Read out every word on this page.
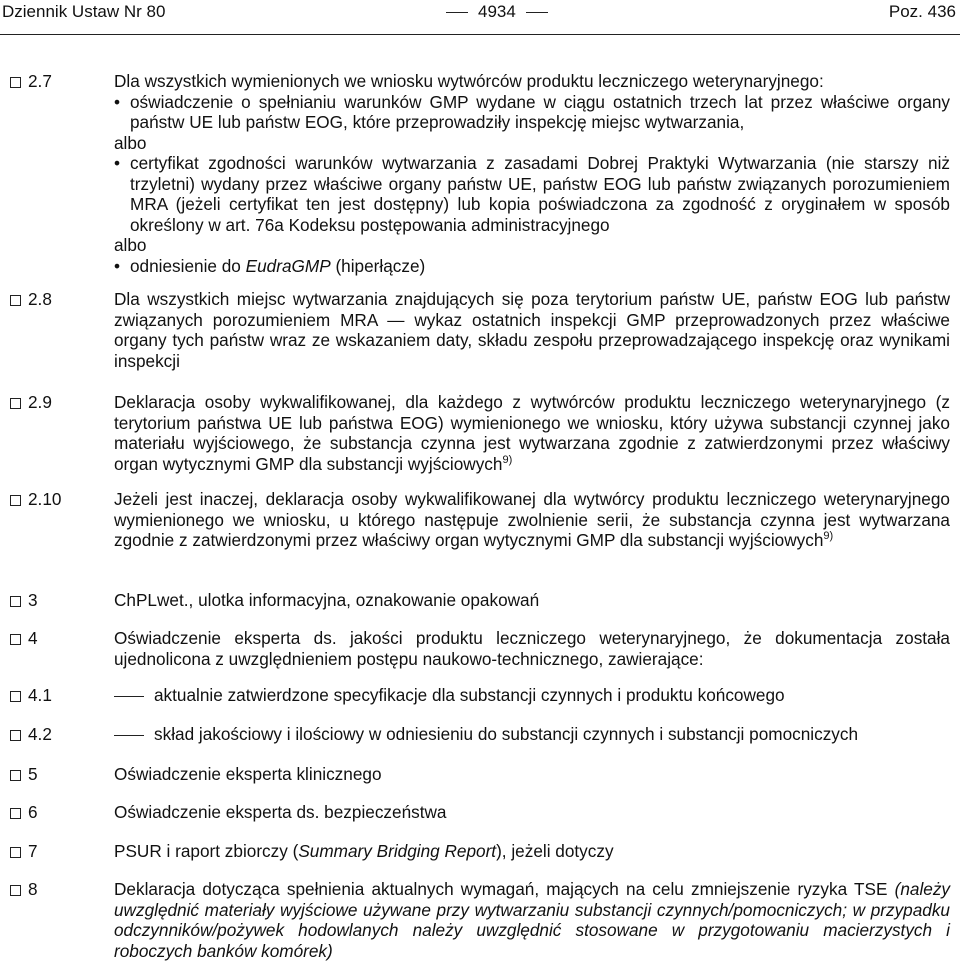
Dziennik Ustaw Nr 80	4934	Poz. 436
2.7	Dla wszystkich wymienionych we wniosku wytwórców produktu leczniczego weterynaryjnego:
• oświadczenie o spełnianiu warunków GMP wydane w ciągu ostatnich trzech lat przez właściwe organy państw UE lub państw EOG, które przeprowadziły inspekcję miejsc wytwarzania,
albo
• certyfikat zgodności warunków wytwarzania z zasadami Dobrej Praktyki Wytwarzania (nie starszy niż trzyletni) wydany przez właściwe organy państw UE, państw EOG lub państw związanych porozumieniem MRA (jeżeli certyfikat ten jest dostępny) lub kopia poświadczona za zgodność z oryginałem w sposób określony w art. 76a Kodeksu postępowania administracyjnego
albo
• odniesienie do EudraGMP (hiperłącze)
2.8	Dla wszystkich miejsc wytwarzania znajdujących się poza terytorium państw UE, państw EOG lub państw związanych porozumieniem MRA — wykaz ostatnich inspekcji GMP przeprowadzonych przez właściwe organy tych państw wraz ze wskazaniem daty, składu zespołu przeprowadzającego inspekcję oraz wynikami inspekcji
2.9	Deklaracja osoby wykwalifikowanej, dla każdego z wytwórców produktu leczniczego weterynaryjnego (z terytorium państwa UE lub państwa EOG) wymienionego we wniosku, który używa substancji czynnej jako materiału wyjściowego, że substancja czynna jest wytwarzana zgodnie z zatwierdzonymi przez właściwy organ wytycznymi GMP dla substancji wyjściowych$^{9)}$
2.10	Jeżeli jest inaczej, deklaracja osoby wykwalifikowanej dla wytwórcy produktu leczniczego weterynaryjnego wymienionego we wniosku, u którego następuje zwolnienie serii, że substancja czynna jest wytwarzana zgodnie z zatwierdzonymi przez właściwy organ wytycznymi GMP dla substancji wyjściowych$^{9)}$
3	ChPLwet., ulotka informacyjna, oznakowanie opakowań
4	Oświadczenie eksperta ds. jakości produktu leczniczego weterynaryjnego, że dokumentacja została ujednolicona z uwzględnieniem postępu naukowo-technicznego, zawierające:
4.1	aktualnie zatwierdzone specyfikacje dla substancji czynnych i produktu końcowego
4.2	skład jakościowy i ilościowy w odniesieniu do substancji czynnych i substancji pomocniczych
5	Oświadczenie eksperta klinicznego
6	Oświadczenie eksperta ds. bezpieczeństwa
7	PSUR i raport zbiorczy (Summary Bridging Report), jeżeli dotyczy
8	Deklaracja dotycząca spełnienia aktualnych wymagań, mających na celu zmniejszenie ryzyka TSE (należy uwzględnić materiały wyjściowe używane przy wytwarzaniu substancji czynnych/pomocniczych; w przypadku odczynników/pożywek hodowlanych należy uwzględnić stosowane w przygotowaniu macierzystych i roboczych banków komórek)
